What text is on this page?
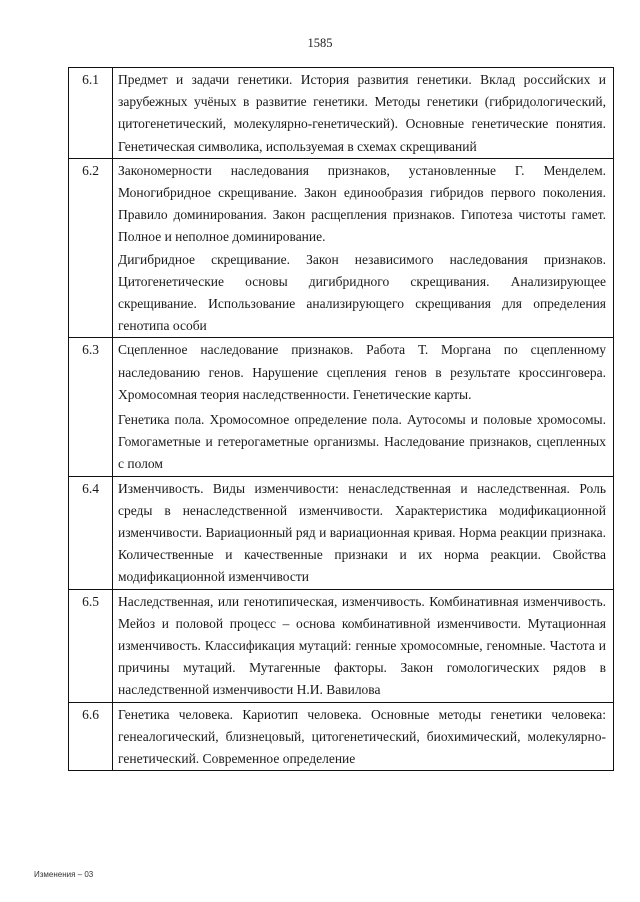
1585
6.1	Предмет и задачи генетики. История развития генетики. Вклад российских и зарубежных учёных в развитие генетики. Методы генетики (гибридологический, цитогенетический, молекулярно-генетический). Основные генетические понятия. Генетическая символика, используемая в схемах скрещиваний

6.2	Закономерности наследования признаков, установленные Г. Менделем. Моногибридное скрещивание. Закон единообразия гибридов первого поколения. Правило доминирования. Закон расщепления признаков. Гипотеза чистоты гамет. Полное и неполное доминирование.

Дигибридное скрещивание. Закон независимого наследования признаков. Цитогенетические основы дигибридного скрещивания. Анализирующее скрещивание. Использование анализирующего скрещивания для определения генотипа особи

6.3	Сцепленное наследование признаков. Работа Т. Моргана по сцепленному наследованию генов. Нарушение сцепления генов в результате кроссинговера. Хромосомная теория наследственности. Генетические карты.

Генетика пола. Хромосомное определение пола. Аутосомы и половые хромосомы. Гомогаметные и гетерогаметные организмы. Наследование признаков, сцепленных с полом

6.4	Изменчивость. Виды изменчивости: ненаследственная и наследственная. Роль среды в ненаследственной изменчивости. Характеристика модификационной изменчивости. Вариационный ряд и вариационная кривая. Норма реакции признака. Количественные и качественные признаки и их норма реакции. Свойства модификационной изменчивости

6.5	Наследственная, или генотипическая, изменчивость. Комбинативная изменчивость. Мейоз и половой процесс – основа комбинативной изменчивости. Мутационная изменчивость. Классификация мутаций: генные хромосомные, геномные. Частота и причины мутаций. Мутагенные факторы. Закон гомологических рядов в наследственной изменчивости Н.И. Вавилова

6.6	Генетика человека. Кариотип человека. Основные методы генетики человека: генеалогический, близнецовый, цитогенетический, биохимический, молекулярно-генетический. Современное определение

Изменения – 03
